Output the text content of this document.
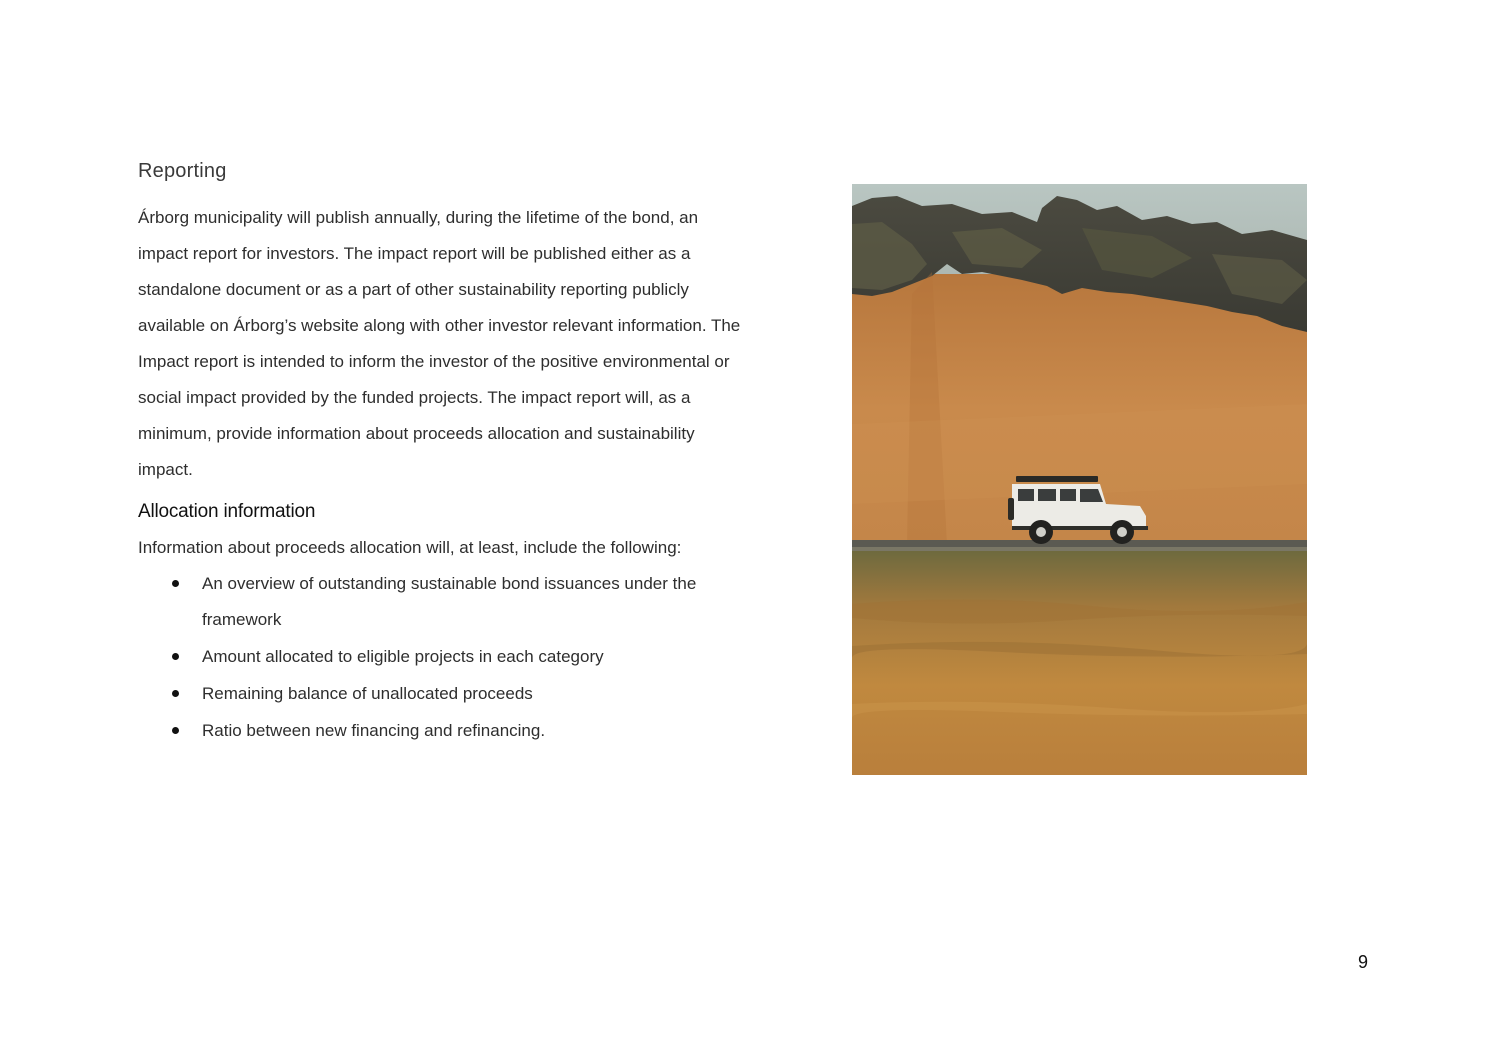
Reporting

Árborg municipality will publish annually, during the lifetime of the bond, an impact report for investors. The impact report will be published either as a standalone document or as a part of other sustainability reporting publicly available on Árborg’s website along with other investor relevant information. The Impact report is intended to inform the investor of the positive environmental or social impact provided by the funded projects. The impact report will, as a minimum, provide information about proceeds allocation and sustainability impact.

Allocation information

Information about proceeds allocation will, at least, include the following:

An overview of outstanding sustainable bond issuances under the framework
Amount allocated to eligible projects in each category
Remaining balance of unallocated proceeds
Ratio between new financing and refinancing.
9
